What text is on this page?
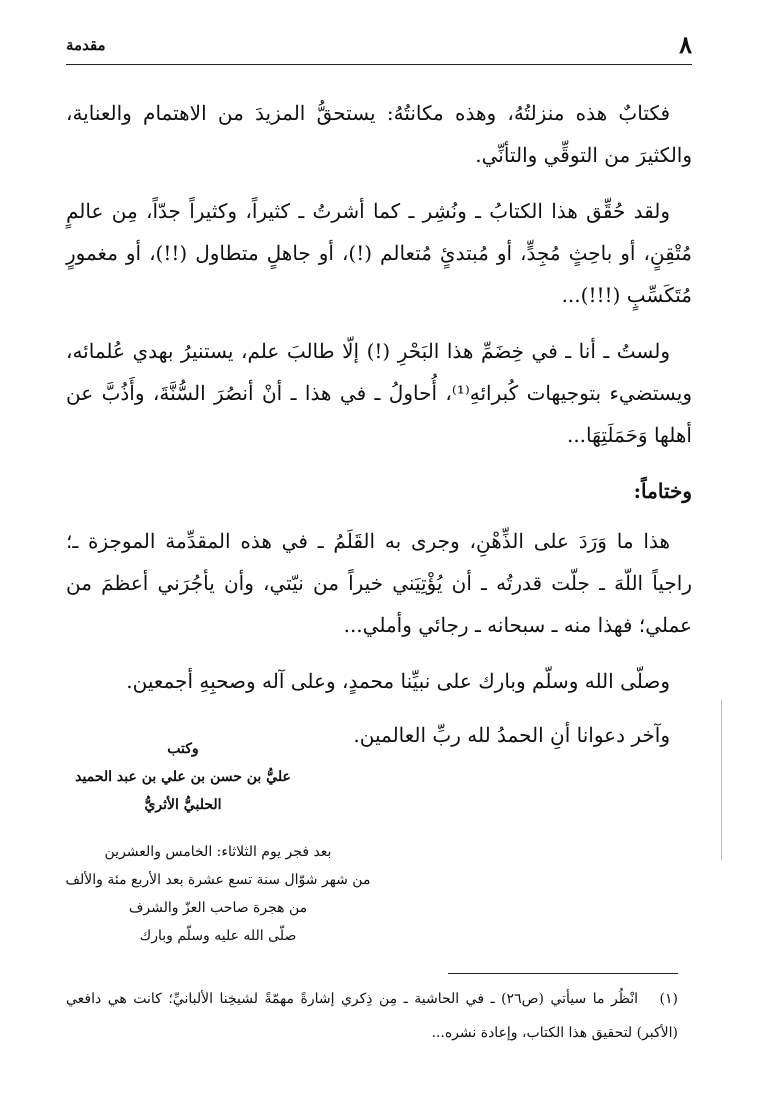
٨
مقدمة

فكتابٌ هذه منزلتُهُ، وهذه مكانتُهُ: يستحقُّ المزيدَ من الاهتمام والعناية، والكثيرَ من التوقِّي والتأنِّي.

ولقد حُقِّق هذا الكتابُ ـ ونُشِر ـ كما أشرتُ ـ كثيراً، وكثيراً جدّاً، مِن عالمٍ مُتْقِنٍ، أو باحِثٍ مُجِدٍّ، أو مُبتدئٍ مُتعالم (!)، أو جاهلٍ متطاول (!!)، أو مغمورٍ مُتَكَسِّبٍ (!!!)...

ولستُ ـ أنا ـ في خِضَمِّ هذا البَحْرِ (!) إلّا طالبَ علم، يستنيرُ بهدي عُلمائه، ويستضيء بتوجيهات كُبرائهِ⁽¹⁾، أُحاولُ ـ في هذا ـ أنْ أنصُرَ السُّنَّةَ، وأَذُبَّ عن أهلها وَحَمَلَتِهَا...

وختاماً:

هذا ما وَرَدَ على الذِّهْنِ، وجرى به القَلَمُ ـ في هذه المقدِّمة الموجزة ـ؛ راجياً اللّهَ ـ جلّت قدرتُه ـ أن يُؤْتِيَني خيراً من نيّتي، وأن يأجُرَني أعظمَ من عملي؛ فهذا منه ـ سبحانه ـ رجائي وأملي...

وصلّى الله وسلّم وبارك على نبيِّنا محمدٍ، وعلى آله وصحبِهِ أجمعين.

وآخر دعوانا أنِ الحمدُ لله ربِّ العالمين.

وكتب
عليُّ بن حسن بن علي بن عبد الحميد
الحلبيُّ الأثريُّ
بعد فجر يوم الثلاثاء: الخامس والعشرين
من شهر شوّال سنة تسع عشرة بعد الأربع مئة والألف
من هجرة صاحب العزّ والشرف
صلّى الله عليه وسلّم وبارك
(١)انْظُر ما سيأتي (ص٢٦) ـ في الحاشية ـ مِن ذِكري إشارةً مهمّةً لشيخِنا الألبانيِّ؛ كانت هي دافعي (الأكبر) لتحقيق هذا الكتاب، وإعادة نشره...
